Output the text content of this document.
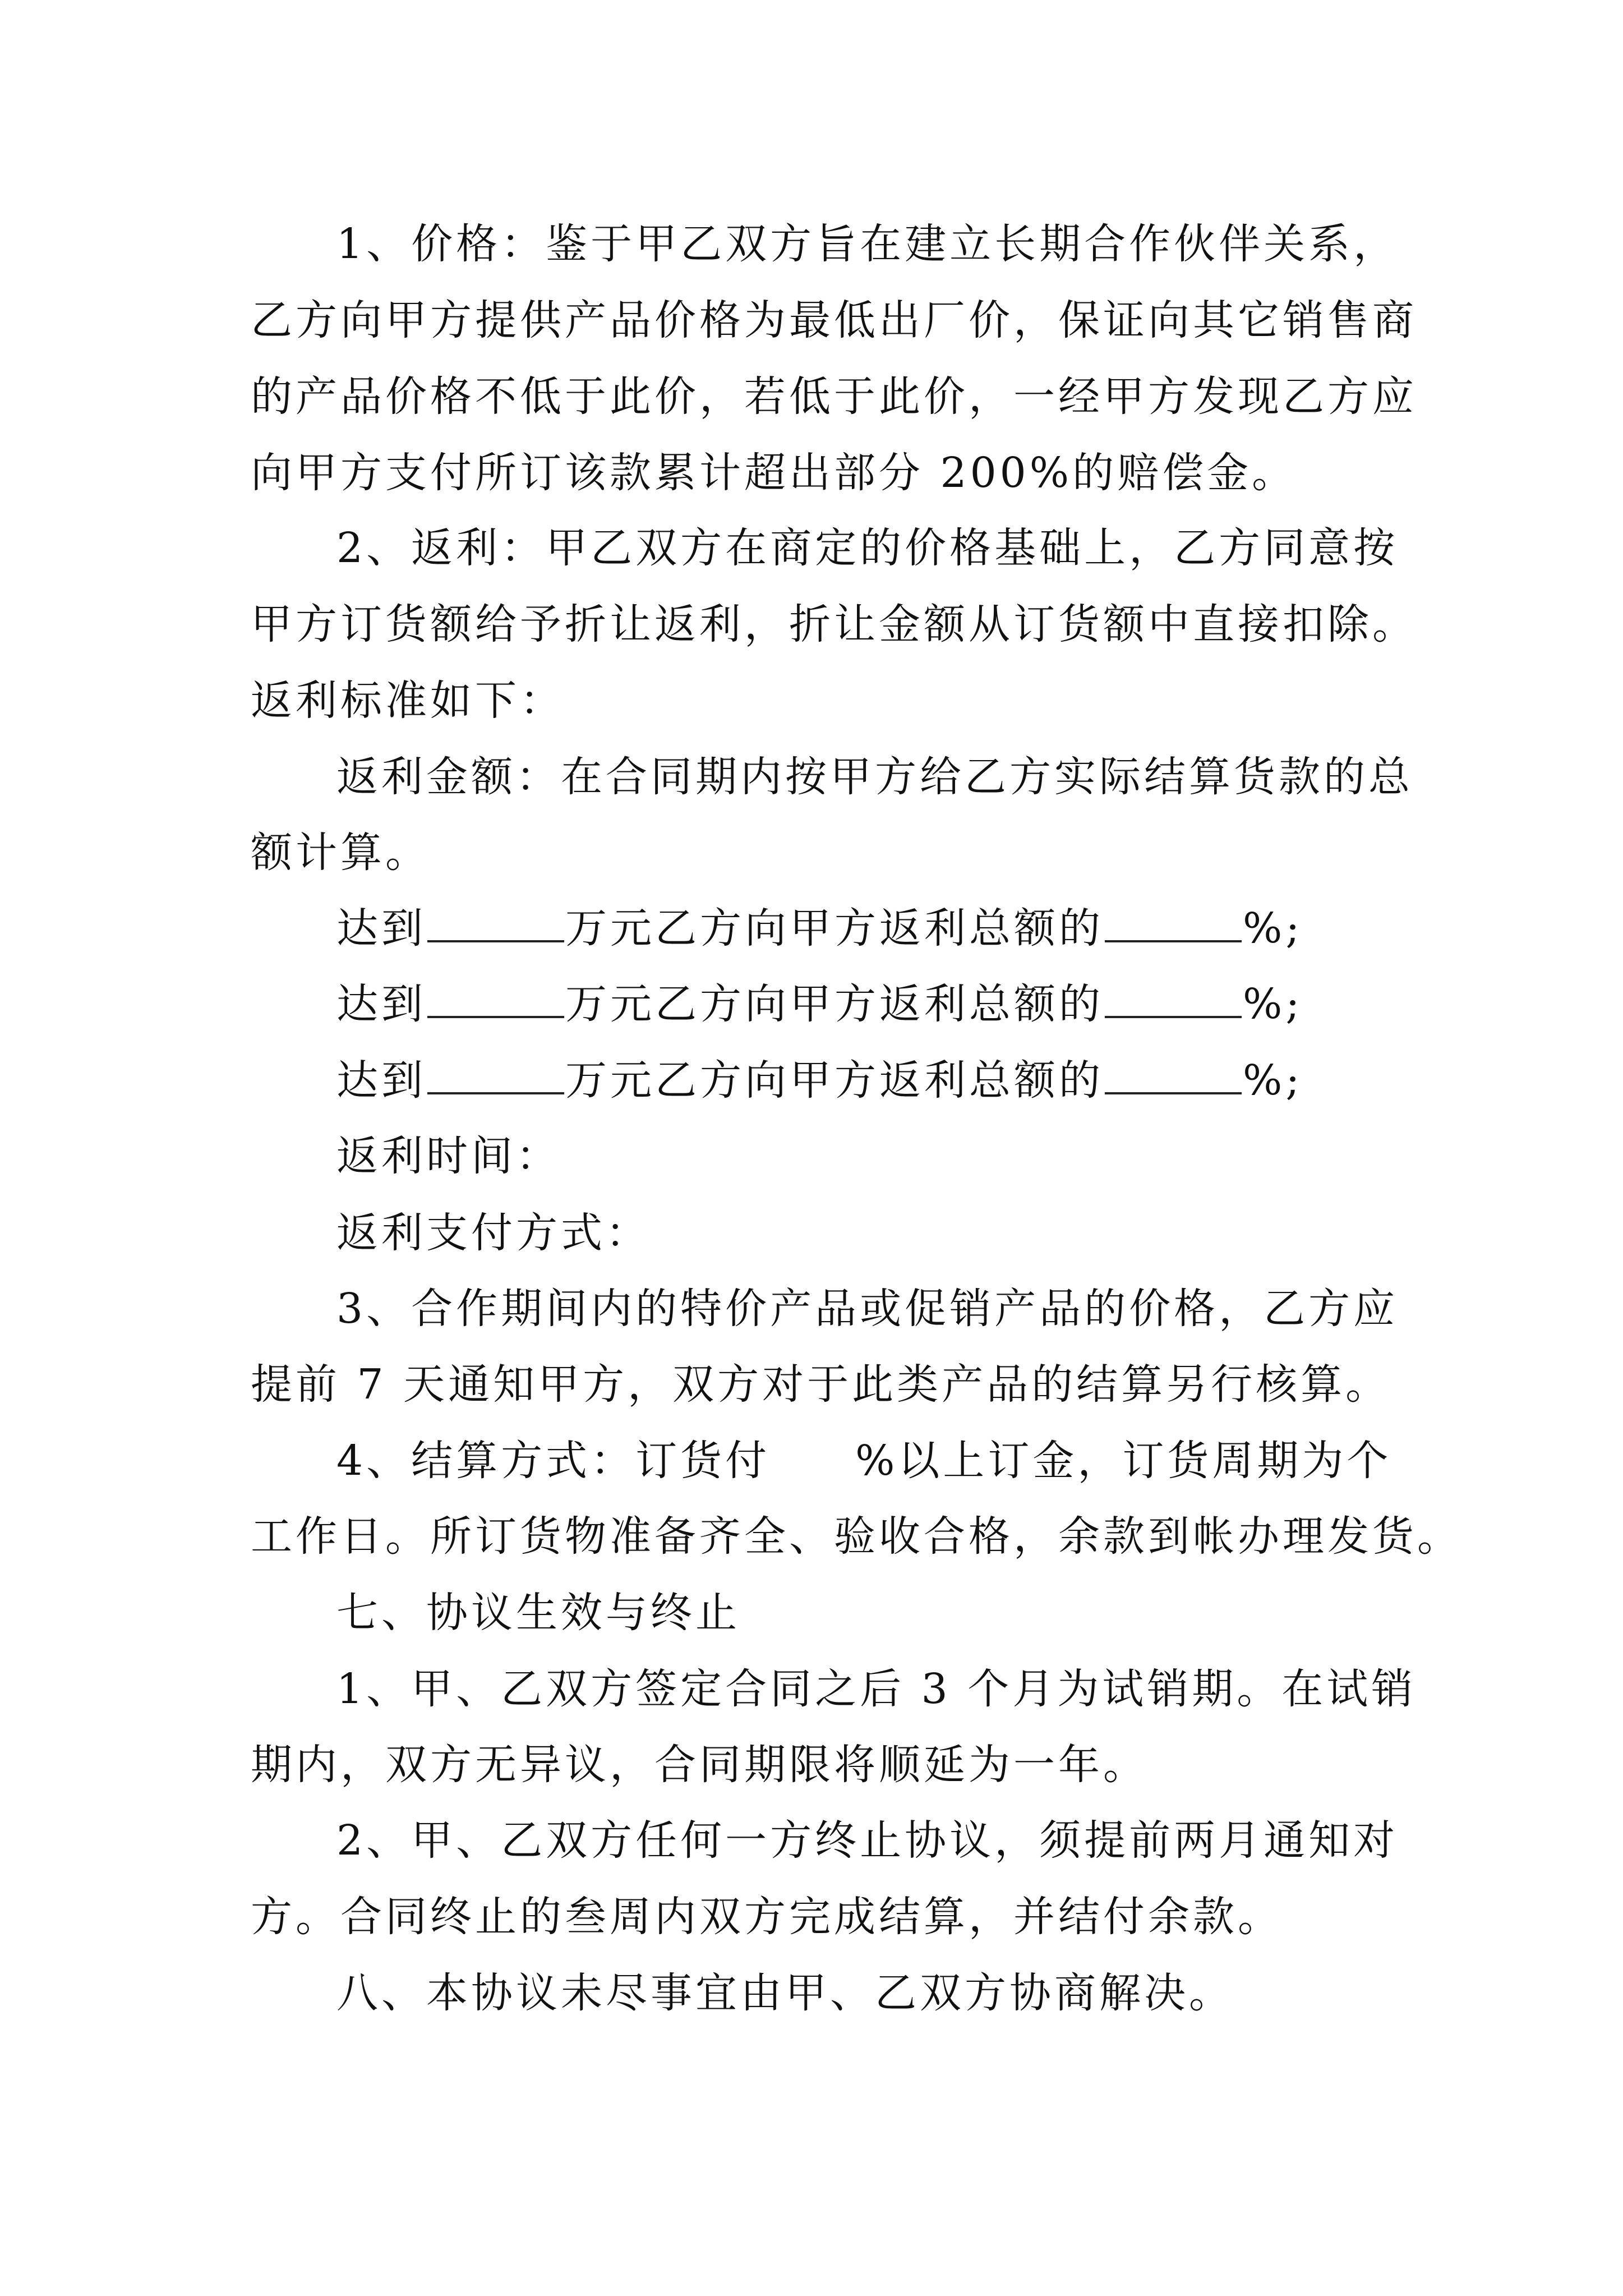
1、价格：鉴于甲乙双方旨在建立长期合作伙伴关系，
乙方向甲方提供产品价格为最低出厂价，保证向其它销售商
的产品价格不低于此价，若低于此价，一经甲方发现乙方应
向甲方支付所订该款累计超出部分 200%的赔偿金。
2、返利：甲乙双方在商定的价格基础上，乙方同意按
甲方订货额给予折让返利，折让金额从订货额中直接扣除。
返利标准如下：
返利金额：在合同期内按甲方给乙方实际结算货款的总
额计算。
达到	万元乙方向甲方返利总额的	%;
达到	万元乙方向甲方返利总额的	%;
达到	万元乙方向甲方返利总额的	%;
返利时间：
返利支付方式：
3、合作期间内的特价产品或促销产品的价格，乙方应
提前 7 天通知甲方，双方对于此类产品的结算另行核算。
4、结算方式：订货付 %以上订金，订货周期为个
工作日。所订货物准备齐全、验收合格，余款到帐办理发货。
七、协议生效与终止
1、甲、乙双方签定合同之后 3 个月为试销期。在试销
期内，双方无异议，合同期限将顺延为一年。
2、甲、乙双方任何一方终止协议，须提前两月通知对
方。合同终止的叁周内双方完成结算，并结付余款。
八、本协议未尽事宜由甲、乙双方协商解决。
